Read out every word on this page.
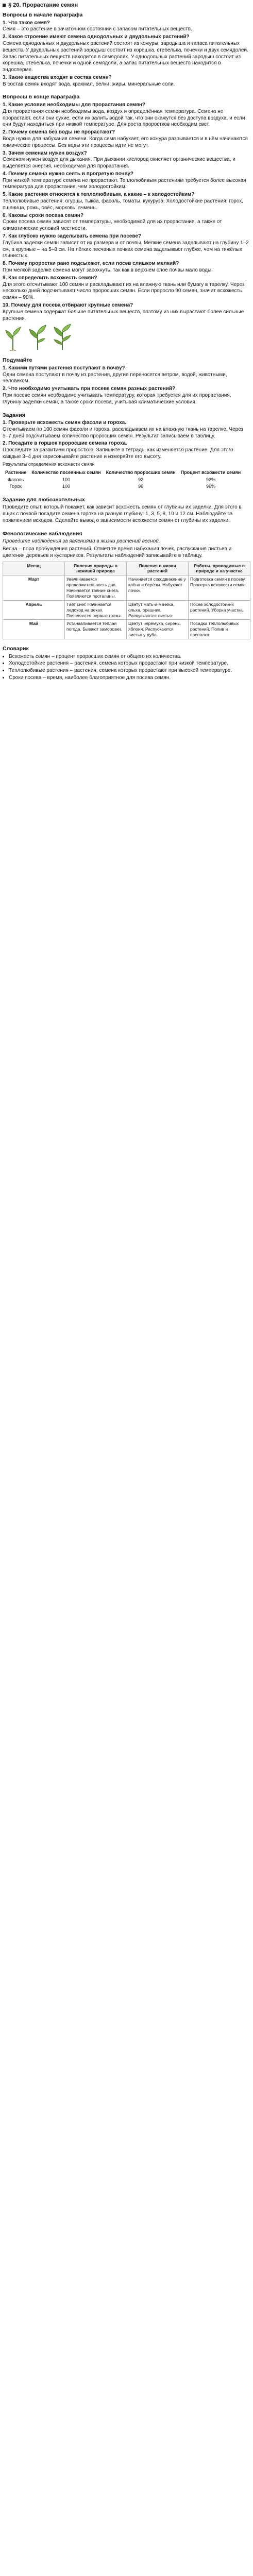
§ 20. Прорастание семян
Вопросы в начале параграфа

1. Что такое семя?

Семя – это растение в зачаточном состоянии с запасом питательных веществ.

2. Какое строение имеют семена однодольных и двудольных растений?

Семена однодольных и двудольных растений состоят из кожуры, зародыша и запаса питательных веществ. У двудольных растений зародыш состоит из корешка, стебелька, почечки и двух семядолей. Запас питательных веществ находится в семядолях. У однодольных растений зародыш состоит из корешка, стебелька, почечки и одной семядоли, а запас питательных веществ находится в эндосперме.

3. Какие вещества входят в состав семян?

В состав семян входят вода, крахмал, белки, жиры, минеральные соли.

Вопросы в конце параграфа

1. Какие условия необходимы для прорастания семян?

Для прорастания семян необходимы вода, воздух и определённая температура. Семена не прорастают, если они сухие, если их залить водой так, что они окажутся без доступа воздуха, и если они будут находиться при низкой температуре. Для роста проростков необходим свет.

2. Почему семена без воды не прорастают?

Вода нужна для набухания семени. Когда семя набухает, его кожура разрывается и в нём начинаются химические процессы. Без воды эти процессы идти не могут.

3. Зачем семенам нужен воздух?

Семенам нужен воздух для дыхания. При дыхании кислород окисляет органические вещества, и выделяется энергия, необходимая для прорастания.

4. Почему семена нужно сеять в прогретую почву?

При низкой температуре семена не прорастают. Теплолюбивым растениям требуется более высокая температура для прорастания, чем холодостойким.

5. Какие растения относятся к теплолюбивым, а какие – к холодостойким?

Теплолюбивые растения: огурцы, тыква, фасоль, томаты, кукуруза. Холодостойкие растения: горох, пшеница, рожь, овёс, морковь, ячмень.

6. Каковы сроки посева семян?

Сроки посева семян зависят от температуры, необходимой для их прорастания, а также от климатических условий местности.

7. Как глубоко нужно заделывать семена при посеве?

Глубина заделки семян зависит от их размера и от почвы. Мелкие семена заделывают на глубину 1–2 см, а крупные – на 5–8 см. На лёгких песчаных почвах семена заделывают глубже, чем на тяжёлых глинистых.

8. Почему проростки рано подсыхают, если посев слишком мелкий?

При мелкой заделке семена могут засохнуть, так как в верхнем слое почвы мало воды.

9. Как определить всхожесть семян?

Для этого отсчитывают 100 семян и раскладывают их на влажную ткань или бумагу в тарелку. Через несколько дней подсчитывают число проросших семян. Если проросло 90 семян, значит всхожесть семян – 90%.

10. Почему для посева отбирают крупные семена?

Крупные семена содержат больше питательных веществ, поэтому из них вырастают более сильные растения.

Подумайте

1. Какими путями растения поступают в почву?

Одни семена поступают в почву из растения, другие переносятся ветром, водой, животными, человеком.

2. Что необходимо учитывать при посеве семян разных растений?

При посеве семян необходимо учитывать температуру, которая требуется для их прорастания, глубину заделки семян, а также сроки посева, учитывая климатические условия.

Задания

1. Проверьте всхожесть семян фасоли и гороха.

Отсчитываем по 100 семян фасоли и гороха, раскладываем их на влажную ткань на тарелке. Через 5–7 дней подсчитываем количество проросших семян. Результат записываем в таблицу.

2. Посадите в горшок проросшие семена гороха.

Проследите за развитием проростков. Запишите в тетрадь, как изменяется растение. Для этого каждые 3–4 дня зарисовывайте растение и измеряйте его высоту.

Результаты определения всхожести семян
Растение	Количество посеянных семян	Количество проросших семян	Процент всхожести семян
Фасоль	100	92	92%
Горох	100	96	96%
Задание для любознательных

Проведите опыт, который покажет, как зависит всхожесть семян от глубины их заделки. Для этого в ящик с почвой посадите семена гороха на разную глубину: 1, 3, 5, 8, 10 и 12 см. Наблюдайте за появлением всходов. Сделайте вывод о зависимости всхожести семян от глубины их заделки.

Фенологические наблюдения

Проведите наблюдения за явлениями в жизни растений весной.

Весна – пора пробуждения растений. Отметьте время набухания почек, распускания листьев и цветения деревьев и кустарников. Результаты наблюдений записывайте в таблицу.

Месяц	Явления природы в неживой природе	Явления в жизни растений	Работы, проводимые в природе и на участке
Март	Увеличивается продолжительность дня. Начинается таяние снега. Появляются проталины.	Начинается сокодвижение у клёна и берёзы. Набухают почки.	Подготовка семян к посеву. Проверка всхожести семян.
Апрель	Тает снег. Начинается ледоход на реках. Появляются первые грозы.	Цветут мать-и-мачеха, ольха, орешник. Распускаются листья.	Посев холодостойких растений. Уборка участка.
Май	Устанавливается тёплая погода. Бывают заморозки.	Цветут черёмуха, сирень, яблоня. Распускаются листья у дуба.	Посадка теплолюбивых растений. Полив и прополка.
Словарик
• Всхожесть семян – процент проросших семян от общего их количества.
• Холодостойкие растения – растения, семена которых прорастают при низкой температуре.
• Теплолюбивые растения – растения, семена которых прорастают при высокой температуре.
• Сроки посева – время, наиболее благоприятное для посева семян.
